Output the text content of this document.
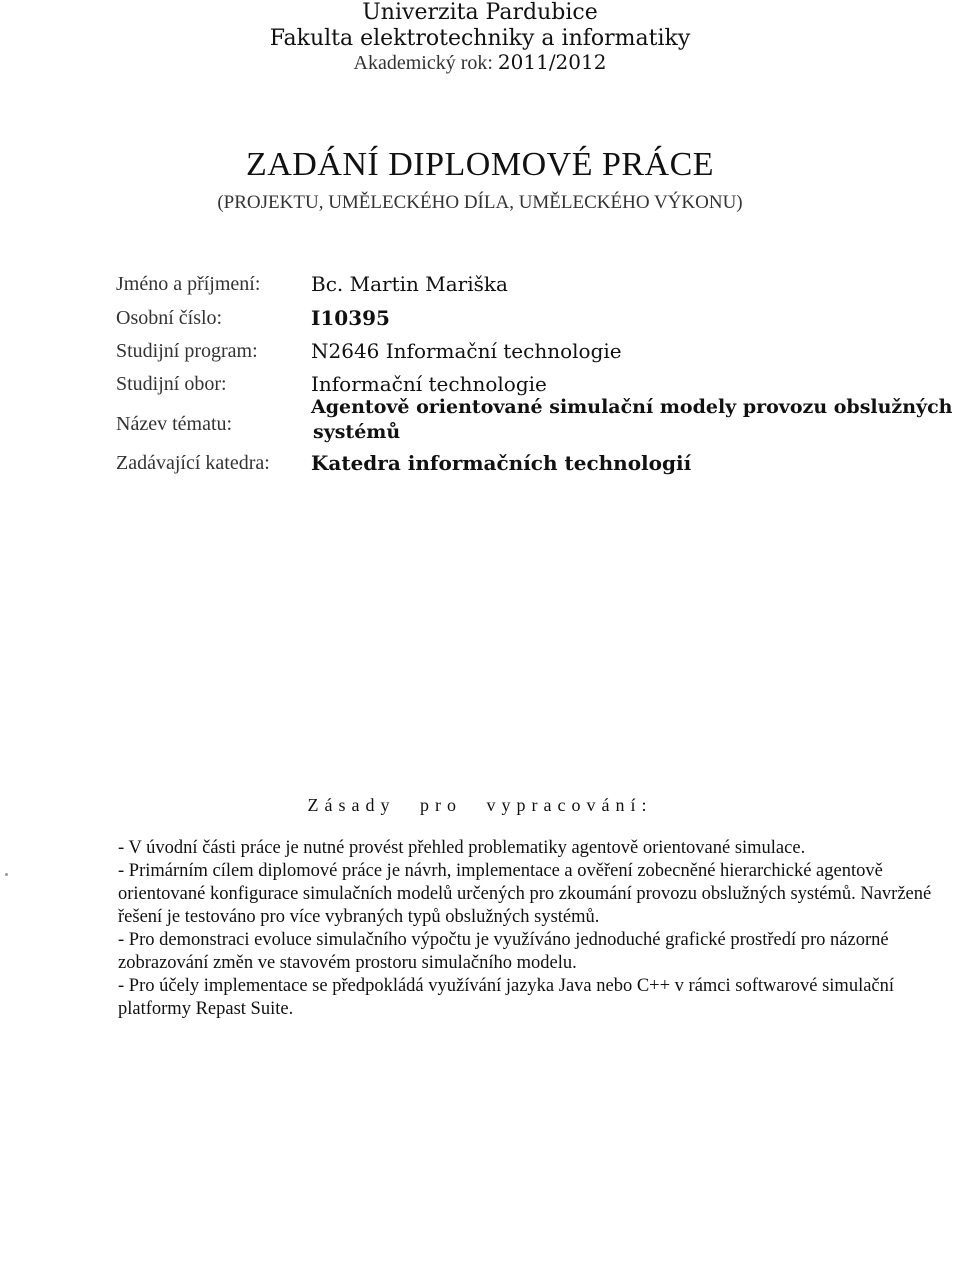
Univerzita Pardubice
Fakulta elektrotechniky a informatiky
Akademický rok: 2011/2012
ZADÁNÍ DIPLOMOVÉ PRÁCE
(PROJEKTU, UMĚLECKÉHO DÍLA, UMĚLECKÉHO VÝKONU)
Jméno a příjmení:	Bc. Martin Mariška
Osobní číslo:	I10395
Studijní program:	N2646 Informační technologie
Studijní obor:	Informační technologie
Název tématu:
Agentově orientované simulační modely provozu obslužných
systémů
Zadávající katedra: Katedra informačních technologií
Zásady pro vypracování:

- V úvodní části práce je nutné provést přehled problematiky agentově orientované simulace.

- Primárním cílem diplomové práce je návrh, implementace a ověření zobecněné hierarchické agentově orientované konfigurace simulačních modelů určených pro zkoumání provozu obslužných systémů. Navržené řešení je testováno pro více vybraných typů obslužných systémů.

- Pro demonstraci evoluce simulačního výpočtu je využíváno jednoduché grafické prostředí pro názorné zobrazování změn ve stavovém prostoru simulačního modelu.

- Pro účely implementace se předpokládá využívání jazyka Java nebo C++ v rámci softwarové simulační platformy Repast Suite.
